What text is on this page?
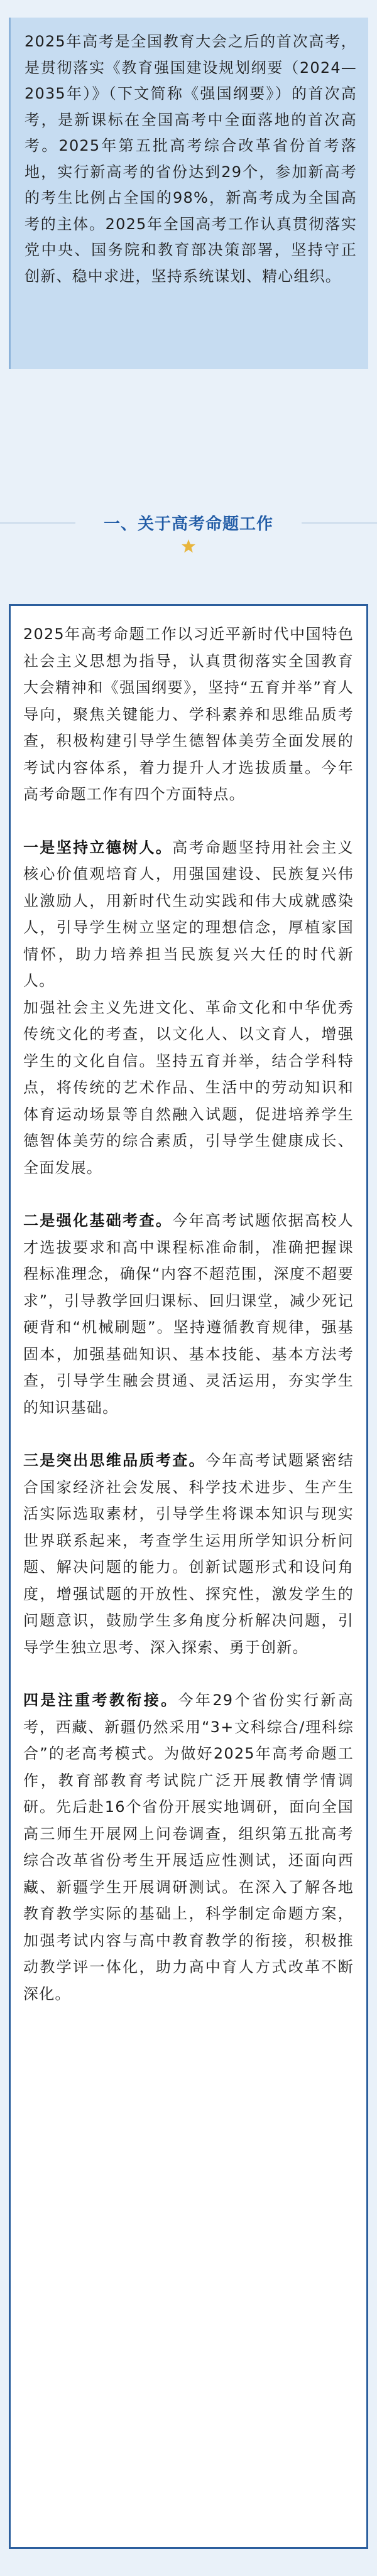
2025年高考是全国教育大会之后的首次高考，是贯彻落实《教育强国建设规划纲要（2024—2035年）》（下文简称《强国纲要》）的首次高考，是新课标在全国高考中全面落地的首次高考。2025年第五批高考综合改革省份首考落地，实行新高考的省份达到29个，参加新高考的考生比例占全国的98%，新高考成为全国高考的主体。2025年全国高考工作认真贯彻落实党中央、国务院和教育部决策部署，坚持守正创新、稳中求进，坚持系统谋划、精心组织。

一、关于高考命题工作

2025年高考命题工作以习近平新时代中国特色社会主义思想为指导，认真贯彻落实全国教育大会精神和《强国纲要》，坚持“五育并举”育人导向，聚焦关键能力、学科素养和思维品质考查，积极构建引导学生德智体美劳全面发展的考试内容体系，着力提升人才选拔质量。今年高考命题工作有四个方面特点。

一是坚持立德树人。高考命题坚持用社会主义核心价值观培育人，用强国建设、民族复兴伟业激励人，用新时代生动实践和伟大成就感染人，引导学生树立坚定的理想信念，厚植家国情怀，助力培养担当民族复兴大任的时代新人。

加强社会主义先进文化、革命文化和中华优秀传统文化的考查，以文化人、以文育人，增强学生的文化自信。坚持五育并举，结合学科特点，将传统的艺术作品、生活中的劳动知识和体育运动场景等自然融入试题，促进培养学生德智体美劳的综合素质，引导学生健康成长、全面发展。

二是强化基础考查。今年高考试题依据高校人才选拔要求和高中课程标准命制，准确把握课程标准理念，确保“内容不超范围，深度不超要求”，引导教学回归课标、回归课堂，减少死记硬背和“机械刷题”。坚持遵循教育规律，强基固本，加强基础知识、基本技能、基本方法考查，引导学生融会贯通、灵活运用，夯实学生的知识基础。

三是突出思维品质考查。今年高考试题紧密结合国家经济社会发展、科学技术进步、生产生活实际选取素材，引导学生将课本知识与现实世界联系起来，考查学生运用所学知识分析问题、解决问题的能力。创新试题形式和设问角度，增强试题的开放性、探究性，激发学生的问题意识，鼓励学生多角度分析解决问题，引导学生独立思考、深入探索、勇于创新。

四是注重考教衔接。今年29个省份实行新高考，西藏、新疆仍然采用“3+文科综合/理科综合”的老高考模式。为做好2025年高考命题工作，教育部教育考试院广泛开展教情学情调研。先后赴16个省份开展实地调研，面向全国高三师生开展网上问卷调查，组织第五批高考综合改革省份考生开展适应性测试，还面向西藏、新疆学生开展调研测试。在深入了解各地教育教学实际的基础上，科学制定命题方案，加强考试内容与高中教育教学的衔接，积极推动教学评一体化，助力高中育人方式改革不断深化。
